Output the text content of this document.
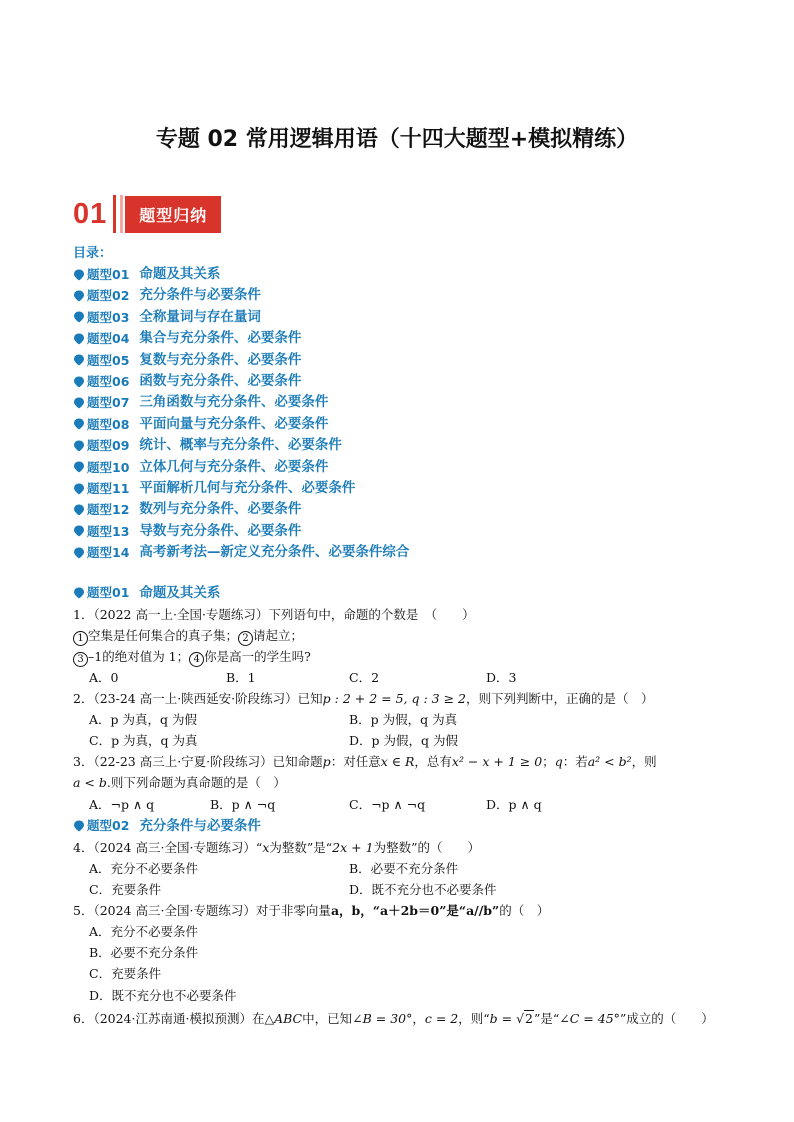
专题 02 常用逻辑用语（十四大题型+模拟精练）
01	题型归纳
目录：
题型01 命题及其关系
题型02 充分条件与必要条件
题型03 全称量词与存在量词
题型04 集合与充分条件、必要条件
题型05 复数与充分条件、必要条件
题型06 函数与充分条件、必要条件
题型07 三角函数与充分条件、必要条件
题型08 平面向量与充分条件、必要条件
题型09 统计、概率与充分条件、必要条件
题型10 立体几何与充分条件、必要条件
题型11 平面解析几何与充分条件、必要条件
题型12 数列与充分条件、必要条件
题型13 导数与充分条件、必要条件
题型14 高考新考法—新定义充分条件、必要条件综合
题型01 命题及其关系
1．（2022 高一上·全国·专题练习）下列语句中，命题的个数是　（　　）
1 空集是任何集合的真子集； 2 请起立；
3 –1的绝对值为 1； 4 你是高一的学生吗?
A．0	B．1	C．2	D．3
2．（23-24 高一上·陕西延安·阶段练习）已知p : 2 + 2 = 5, q : 3 ≥ 2，则下列判断中，正确的是（　）
A．p 为真，q 为假	B．p 为假，q 为真
C．p 为真，q 为真	D．p 为假，q 为假
3．（22-23 高三上·宁夏·阶段练习）已知命题p：对任意x ∈ R，总有x² − x + 1 ≥ 0；q：若a² < b²，则
a < b.则下列命题为真命题的是（　）
A．¬p ∧ q	B．p ∧ ¬q	C．¬p ∧ ¬q	D．p ∧ q
题型02 充分条件与必要条件
4．（2024 高三·全国·专题练习）“x为整数”是“2x + 1为整数”的（　　）
A．充分不必要条件	B．必要不充分条件
C．充要条件	D．既不充分也不必要条件
5．（2024 高三·全国·专题练习）对于非零向量a，b，“a＋2b＝0”是“a//b”的（　）
A．充分不必要条件
B．必要不充分条件
C．充要条件
D．既不充分也不必要条件
6．（2024·江苏南通·模拟预测）在△ABC中，已知∠B = 30°，c = 2，则“b = √2”是“∠C = 45°”成立的（　　）
